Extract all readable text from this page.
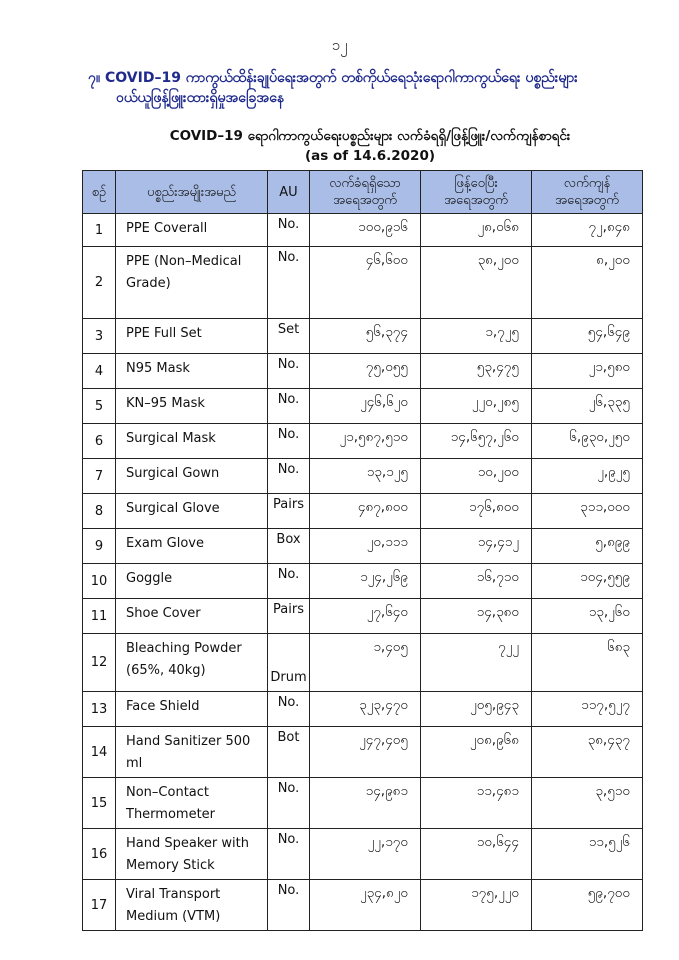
၁၂
၇။ COVID–19 ကာကွယ်ထိန်းချုပ်ရေးအတွက် တစ်ကိုယ်ရေသုံးရောဂါကာကွယ်ရေး ပစ္စည်းများ
ဝယ်ယူဖြန့်ဖြူးထားရှိမှုအခြေအနေ
COVID–19 ရောဂါကာကွယ်ရေးပစ္စည်းများ လက်ခံရရှိ/ဖြန့်ဖြူး/လက်ကျန်စာရင်း
(as of 14.6.2020)
စဉ်	ပစ္စည်းအမျိုးအမည်	AU	လက်ခံရရှိသော အရေအတွက်	ဖြန့်ဝေပြီး အရေအတွက်	လက်ကျန် အရေအတွက်
1	PPE Coverall	No.	၁၀၀,၉၁၆	၂၈,၀၆၈	၇၂,၈၄၈
2	PPE (Non–Medical Grade)	No.	၄၆,၆၀၀	၃၈,၂၀၀	၈,၂၀၀
3	PPE Full Set	Set	၅၆,၃၇၄	၁,၇၂၅	၅၄,၆၄၉
4	N95 Mask	No.	၇၅,၀၅၅	၅၃,၄၇၅	၂၁,၅၈၀
5	KN–95 Mask	No.	၂၄၆,၆၂၀	၂၂၀,၂၈၅	၂၆,၃၃၅
6	Surgical Mask	No.	၂၁,၅၈၇,၅၁၀	၁၄,၆၅၇,၂၆၀	၆,၉၃၀,၂၅၀
7	Surgical Gown	No.	၁၃,၁၂၅	၁၀,၂၀၀	၂,၉၂၅
8	Surgical Glove	Pairs	၄၈၇,၈၀၀	၁၇၆,၈၀၀	၃၁၁,၀၀၀
9	Exam Glove	Box	၂၀,၁၁၁	၁၄,၄၁၂	၅,၈၉၉
10	Goggle	No.	၁၂၄,၂၆၉	၁၆,၇၁၀	၁၀၄,၅၅၉
11	Shoe Cover	Pairs	၂၇,၆၄၀	၁၄,၃၈၀	၁၃,၂၆၀
12	Bleaching Powder (65%, 40kg)	Drum	၁,၄၀၅	၇၂၂	၆၈၃
13	Face Shield	No.	၃၂၃,၄၇၀	၂၀၅,၉၄၃	၁၁၇,၅၂၇
14	Hand Sanitizer 500 ml	Bot	၂၄၇,၄၀၅	၂၀၈,၉၆၈	၃၈,၄၃၇
15	Non–Contact Thermometer	No.	၁၄,၉၈၁	၁၁,၄၈၁	၃,၅၁၀
16	Hand Speaker with Memory Stick	No.	၂၂,၁၇၀	၁၀,၆၄၄	၁၁,၅၂၆
17	Viral Transport Medium (VTM)	No.	၂၃၄,၈၂၀	၁၇၅,၂၂၀	၅၉,၇၀၀
